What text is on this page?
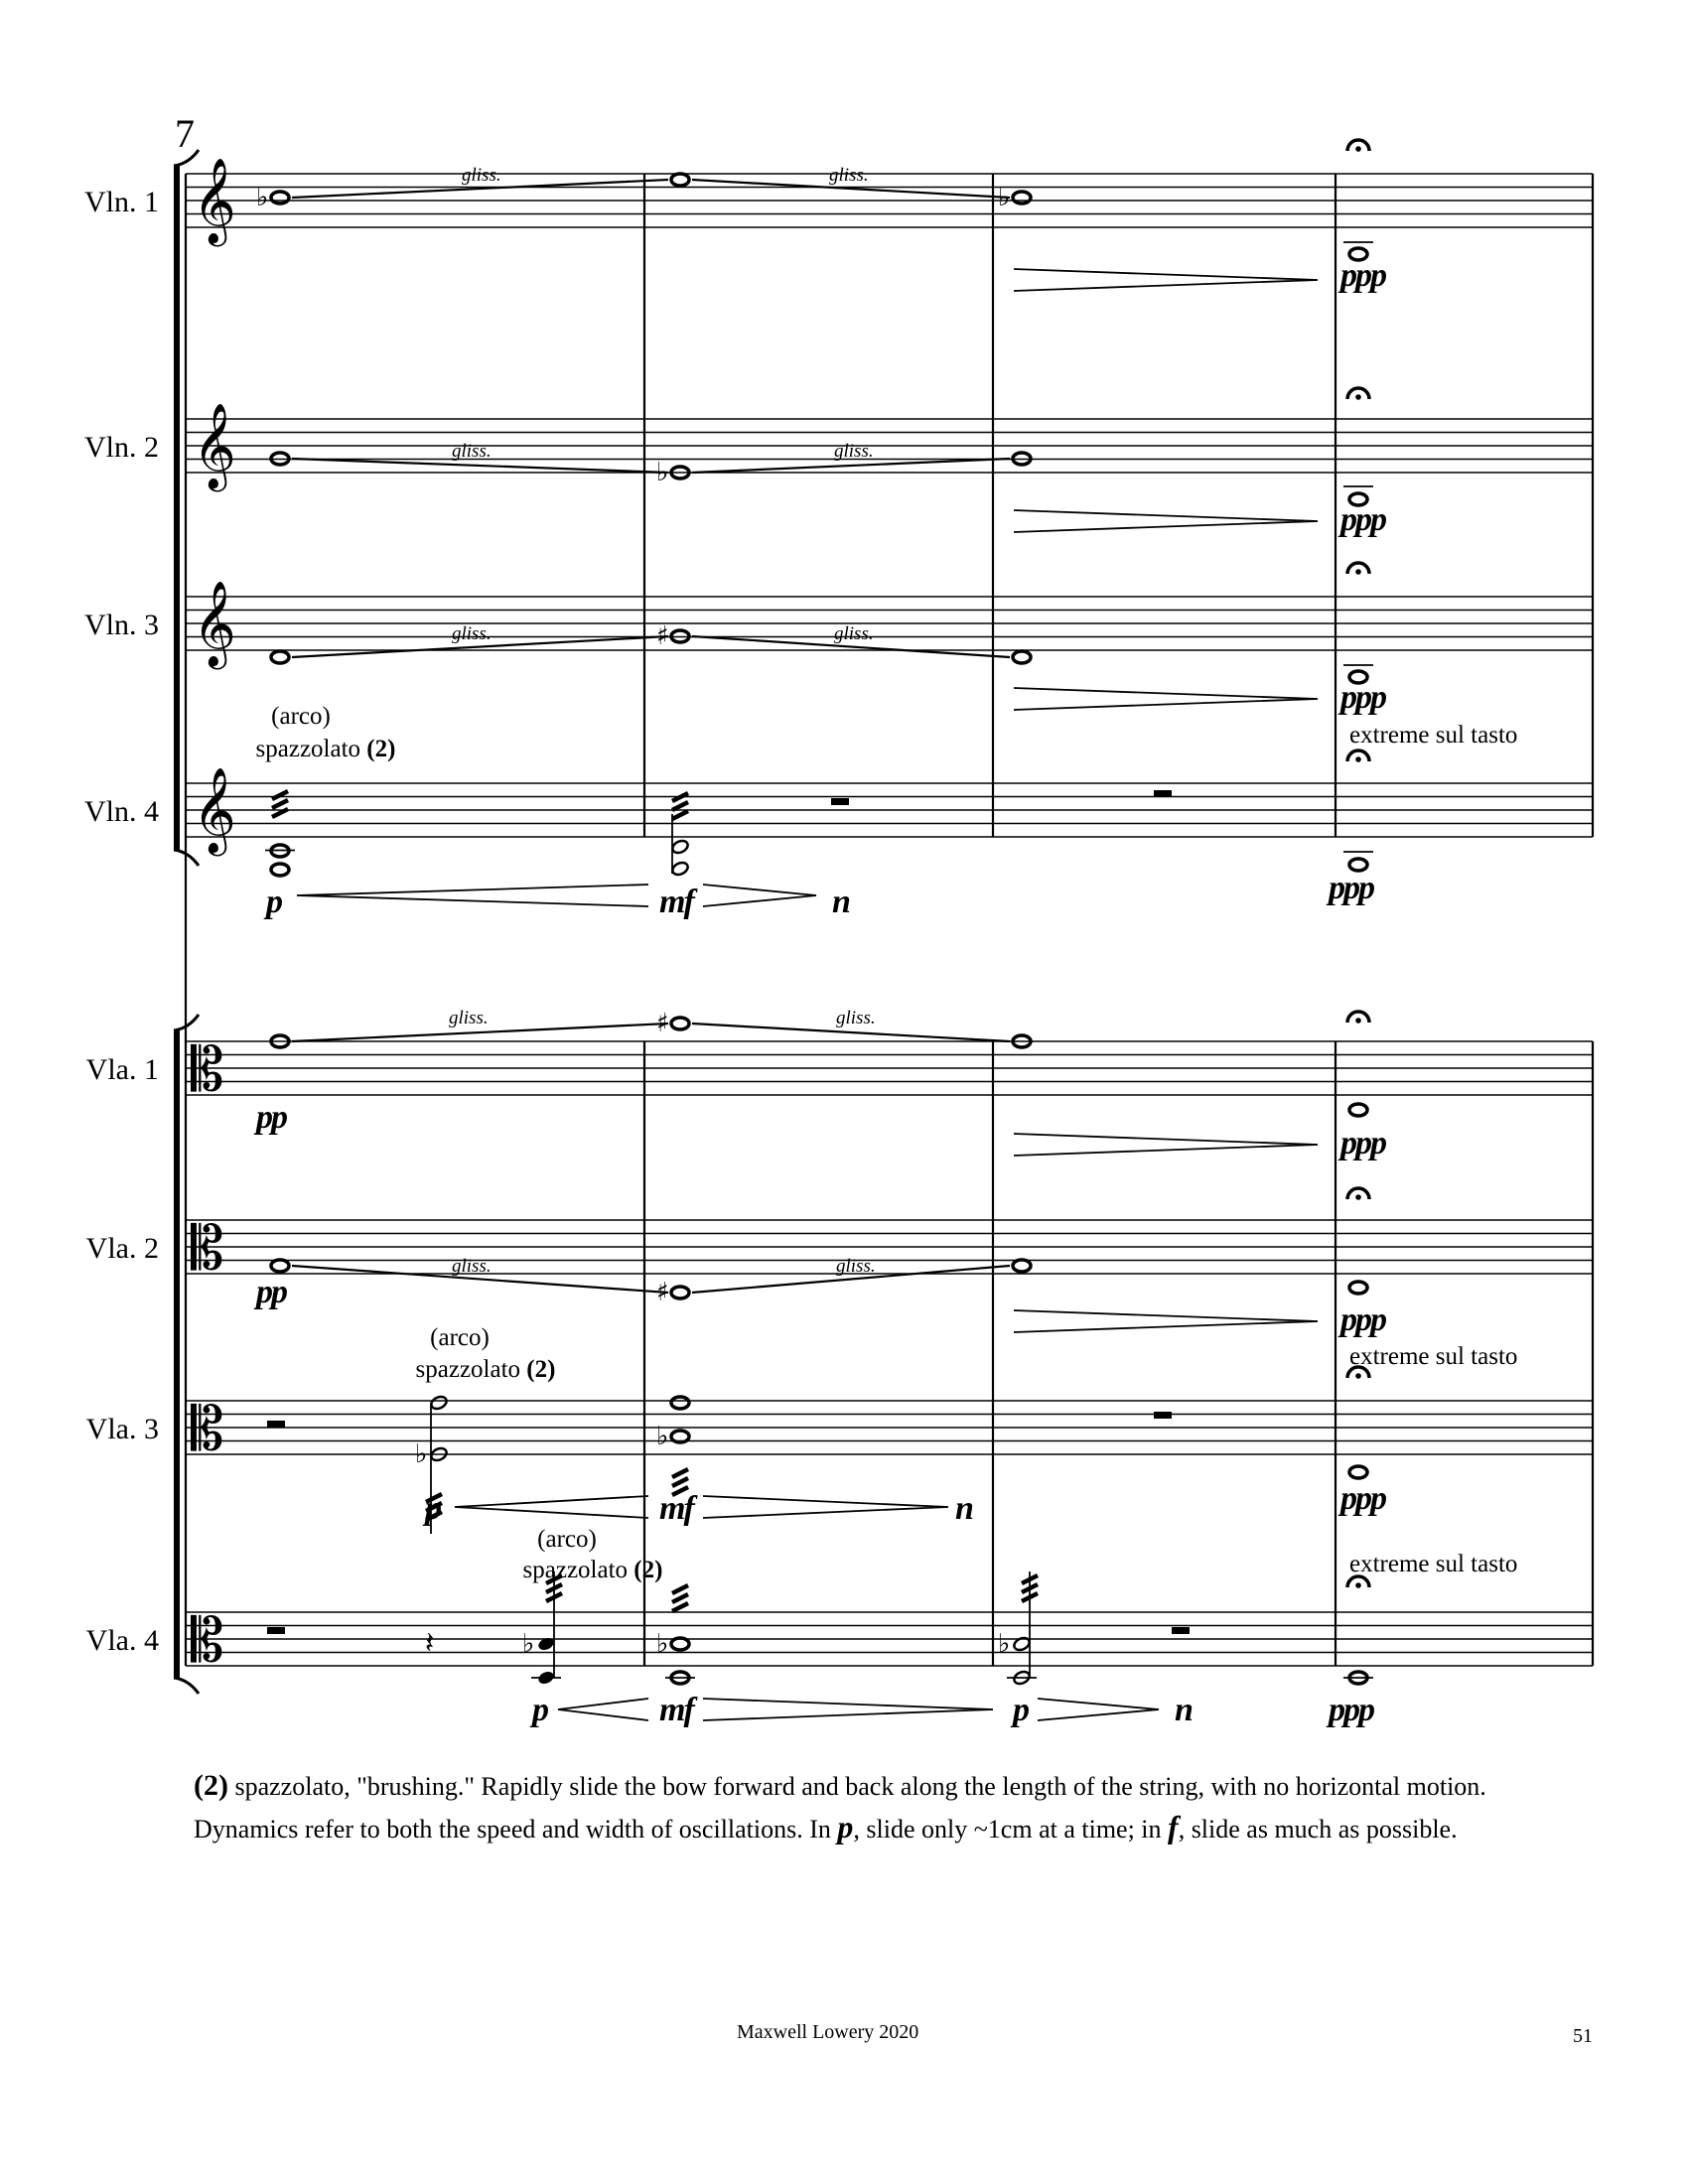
𝄞
𝄞
𝄞
𝄞
𝄡
𝄡
𝄡
𝄡
♭	♭
♭
♯
♯
♯
♭
♭
𝄽	♭	♭	♭
7
Vln. 1
Vln. 2
Vln. 3
Vln. 4
Vla. 1
Vla. 2
Vla. 3
Vla. 4
gliss.	gliss.
gliss.	gliss.
gliss.	gliss.
gliss.	gliss.
gliss.	gliss.
(arco)
spazzolato (2)
(arco)
spazzolato (2)
(arco)
spazzolato (2)
extreme sul tasto
extreme sul tasto
extreme sul tasto
ppp
ppp
ppp
p	mf	n	ppp
pp
ppp
pp
ppp
p	mf	n	ppp
p	mf	p	n	ppp
(2) spazzolato, "brushing." Rapidly slide the bow forward and back along the length of the string, with no horizontal motion.
Dynamics refer to both the speed and width of oscillations. In p, slide only ~1cm at a time; in f, slide as much as possible.
Maxwell Lowery 2020	51
